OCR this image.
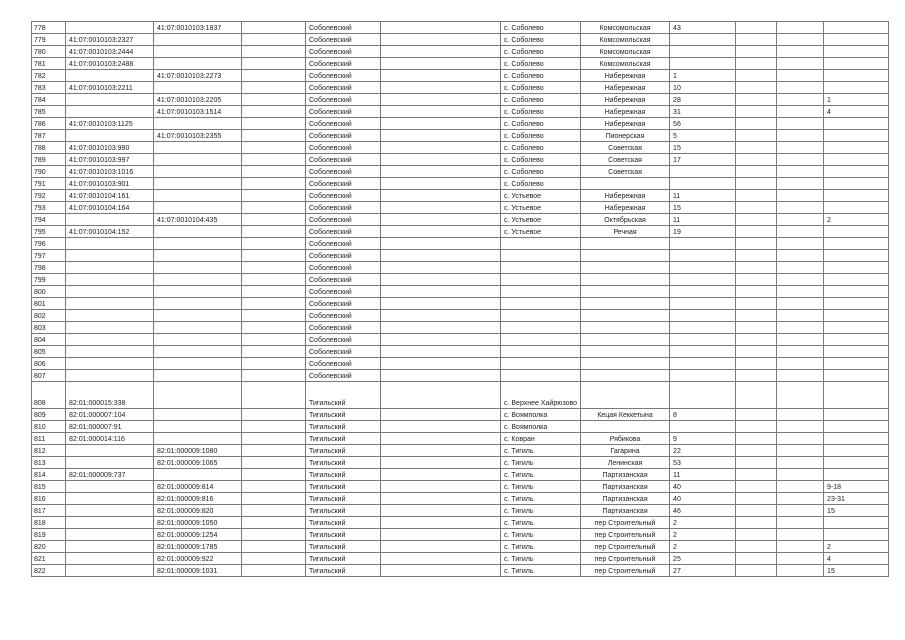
778		41:07:0010103:1837		Соболевский		с. Соболево	Комсомольская	43			
779	41:07:0010103:2327			Соболевский		с. Соболево	Комсомольская				
780	41:07:0010103:2444			Соболевский		с. Соболево	Комсомольская				
781	41:07:0010103:2488			Соболевский		с. Соболево	Комсомольская				
782		41:07:0010103:2273		Соболевский		с. Соболево	Набережная	1			
783	41:07:0010103:2211			Соболевский		с. Соболево	Набережная	10			
784		41:07:0010103:2205		Соболевский		с. Соболево	Набережная	28			1
785		41:07:0010103:1514		Соболевский		с. Соболево	Набережная	31			4
786	41:07:0010103:1125			Соболевский		с. Соболево	Набережная	56			
787		41:07:0010103:2355		Соболевский		с. Соболево	Пионерская	5			
788	41:07:0010103:990			Соболевский		с. Соболево	Советская	15			
789	41:07:0010103:997			Соболевский		с. Соболево	Советская	17			
790	41:07:0010103:1016			Соболевский		с. Соболево	Советская				
791	41:07:0010103:901			Соболевский		с. Соболево					
792	41:07:0010104:161			Соболевский		с. Устьевое	Набережная	11			
793	41:07:0010104:164			Соболевский		с. Устьевое	Набережная	15			
794		41:07:0010104:435		Соболевский		с. Устьевое	Октябрьская	11			2
795	41:07:0010104:152			Соболевский		с. Устьевое	Речная	19			
796				Соболевский							
797				Соболевский							
798				Соболевский							
799				Соболевский							
800				Соболевский							
801				Соболевский							
802				Соболевский							
803				Соболевский							
804				Соболевский							
805				Соболевский							
806				Соболевский							
807				Соболевский							
808	82:01:000015:338			Тигильский		с. Верхнее Хайрюзово					
809	82:01:000007:104			Тигильский		с. Воямполка	Кецая Кеккетына	8			
810	82:01:000007:91			Тигильский		с. Воямполка					
811	82:01:000014:116			Тигильский		с. Ковран	Рябикова	9			
812		82:01:000009:1080		Тигильский		с. Тигиль	Гагарина	22			
813		82:01:000009:1065		Тигильский		с. Тигиль	Ленинская	53			
814	82:01:000009:737			Тигильский		с. Тигиль	Партизанская	11			
815		82:01:000009:814		Тигильский		с. Тигиль	Партизанская	40			9-18
816		82:01:000009:816		Тигильский		с. Тигиль	Партизанская	40			23-31
817		82:01:000009:820		Тигильский		с. Тигиль	Партизанская	46			15
818		82:01:000009:1050		Тигильский		с. Тигиль	пер Строительный	2			
819		82:01:000009:1254		Тигильский		с. Тигиль	пер Строительный	2			
820		82:01:000009:1785		Тигильский		с. Тигиль	пер Строительный	2			2
821		82:01:000009:922		Тигильский		с. Тигиль	пер Строительный	25			4
822		82:01:000009:1031		Тигильский		с. Тигиль	пер Строительный	27			15
